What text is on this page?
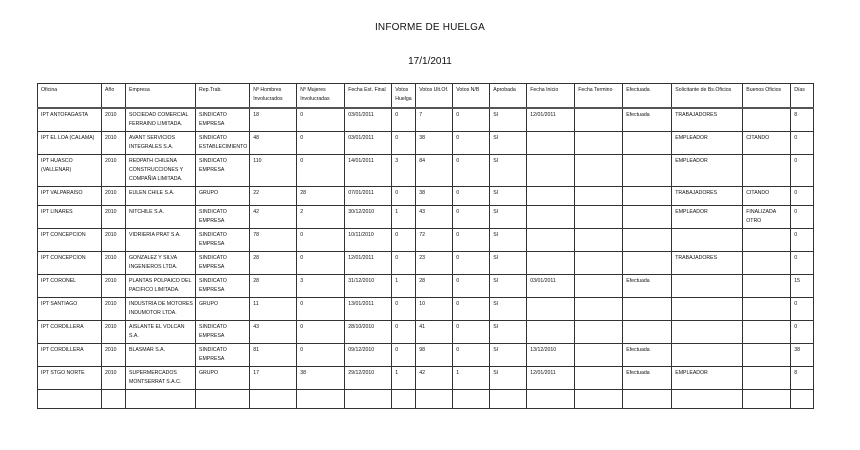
INFORME DE HUELGA
17/1/2011
Oficina	Año	Empresa	Rep.Trab.	Nº Hombres Involucrados	Nº Mujeres Involucradas	Fecha Est. Final	Votos Huelga	Votos Ult.Of.	Votos N/B	Aprobada	Fecha Inicio	Fecha Termino	Efectuada	Solicitante de Bs.Oficios	Buenos Oficios	Días
IPT ANTOFAGASTA	2010	SOCIEDAD COMERCIAL FERRAINO LIMITADA.	SINDICATO EMPRESA	18	0	03/01/2011	0	7	0	SI	12/01/2011		Efectuada	TRABAJADORES		8
IPT EL LOA (CALAMA)	2010	AVANT SERVICIOS INTEGRALES S.A.	SINDICATO ESTABLECIMIENTO	48	0	03/01/2011	0	38	0	SI				EMPLEADOR	CITANDO	0
IPT HUASCO (VALLENAR)	2010	REDPATH CHILENA CONSTRUCCIONES Y COMPAÑIA LIMITADA.	SINDICATO EMPRESA	110	0	14/01/2011	3	84	0	SI				EMPLEADOR		0
IPT VALPARAISO	2010	EULEN CHILE S.A.	GRUPO	22	28	07/01/2011	0	38	0	SI				TRABAJADORES	CITANDO	0
IPT LINARES	2010	NITCHILE S.A.	SINDICATO EMPRESA	42	2	30/12/2010	1	43	0	SI				EMPLEADOR	FINALIZADA OTRO	0
IPT CONCEPCION	2010	VIDRIERIA PRAT S.A.	SINDICATO EMPRESA	78	0	10/11/2010	0	72	0	SI						0
IPT CONCEPCION	2010	GONZALEZ Y SILVA INGENIEROS LTDA.	SINDICATO EMPRESA	28	0	12/01/2011	0	23	0	SI				TRABAJADORES		0
IPT CORONEL	2010	PLANTAS POLPAICO DEL PACIFICO LIMITADA.	SINDICATO EMPRESA	28	3	31/12/2010	1	28	0	SI	03/01/2011		Efectuada			15
IPT SANTIAGO	2010	INDUSTRIA DE MOTORES INDUMOTOR LTDA.	GRUPO	11	0	13/01/2011	0	10	0	SI						0
IPT CORDILLERA	2010	AISLANTE EL VOLCAN S.A.	SINDICATO EMPRESA	43	0	28/10/2010	0	41	0	SI						0
IPT CORDILLERA	2010	BLASMAR S.A.	SINDICATO EMPRESA	81	0	09/12/2010	0	98	0	SI	13/12/2010		Efectuada			38
IPT STGO NORTE	2010	SUPERMERCADOS MONTSERRAT S.A.C.	GRUPO	17	38	29/12/2010	1	42	1	SI	12/01/2011		Efectuada	EMPLEADOR		8
